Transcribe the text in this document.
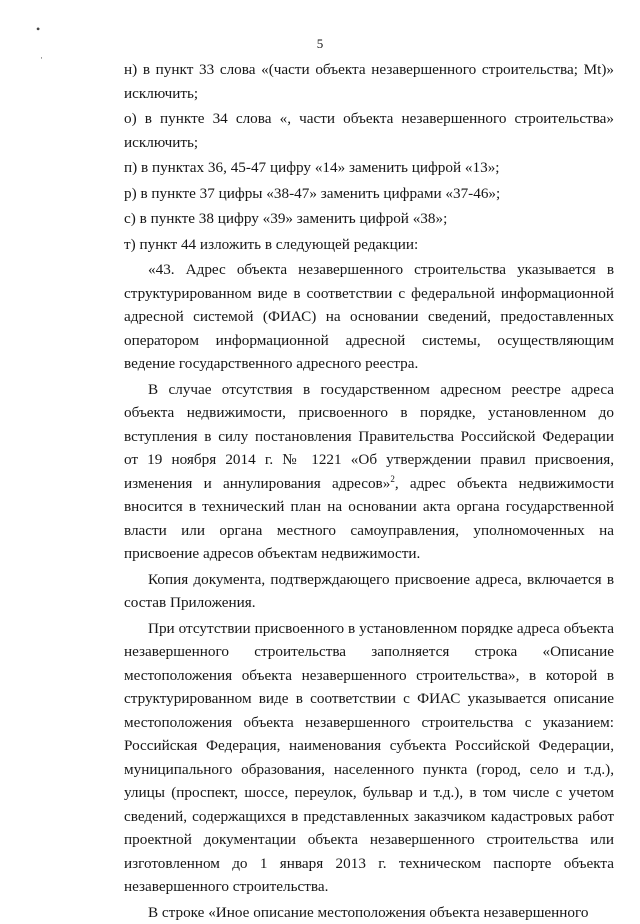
•
·
5

н) в пункт 33 слова «(части объекта незавершенного строительства; Mt)» исключить;

о) в пункте 34 слова «, части объекта незавершенного строительства» исключить;

п) в пунктах 36, 45-47 цифру «14» заменить цифрой «13»;

р) в пункте 37 цифры «38-47» заменить цифрами «37-46»;

с) в пункте 38 цифру «39» заменить цифрой «38»;

т) пункт 44 изложить в следующей редакции:

«43. Адрес объекта незавершенного строительства указывается в структурированном виде в соответствии с федеральной информационной адресной системой (ФИАС) на основании сведений, предоставленных оператором информационной адресной системы, осуществляющим ведение государственного адресного реестра.

В случае отсутствия в государственном адресном реестре адреса объекта недвижимости, присвоенного в порядке, установленном до вступления в силу постановления Правительства Российской Федерации от 19 ноября 2014 г. № 1221 «Об утверждении правил присвоения, изменения и аннулирования адресов»$^2$, адрес объекта недвижимости вносится в технический план на основании акта органа государственной власти или органа местного самоуправления, уполномоченных на присвоение адресов объектам недвижимости.

Копия документа, подтверждающего присвоение адреса, включается в состав Приложения.

При отсутствии присвоенного в установленном порядке адреса объекта незавершенного строительства заполняется строка «Описание местоположения объекта незавершенного строительства», в которой в структурированном виде в соответствии с ФИАС указывается описание местоположения объекта незавершенного строительства с указанием: Российская Федерация, наименования субъекта Российской Федерации, муниципального образования, населенного пункта (город, село и т.д.), улицы (проспект, шоссе, переулок, бульвар и т.д.), в том числе с учетом сведений, содержащихся в представленных заказчиком кадастровых работ проектной документации объекта незавершенного строительства или изготовленном до 1 января 2013 г. техническом паспорте объекта незавершенного строительства.

В строке «Иное описание местоположения объекта незавершенного
